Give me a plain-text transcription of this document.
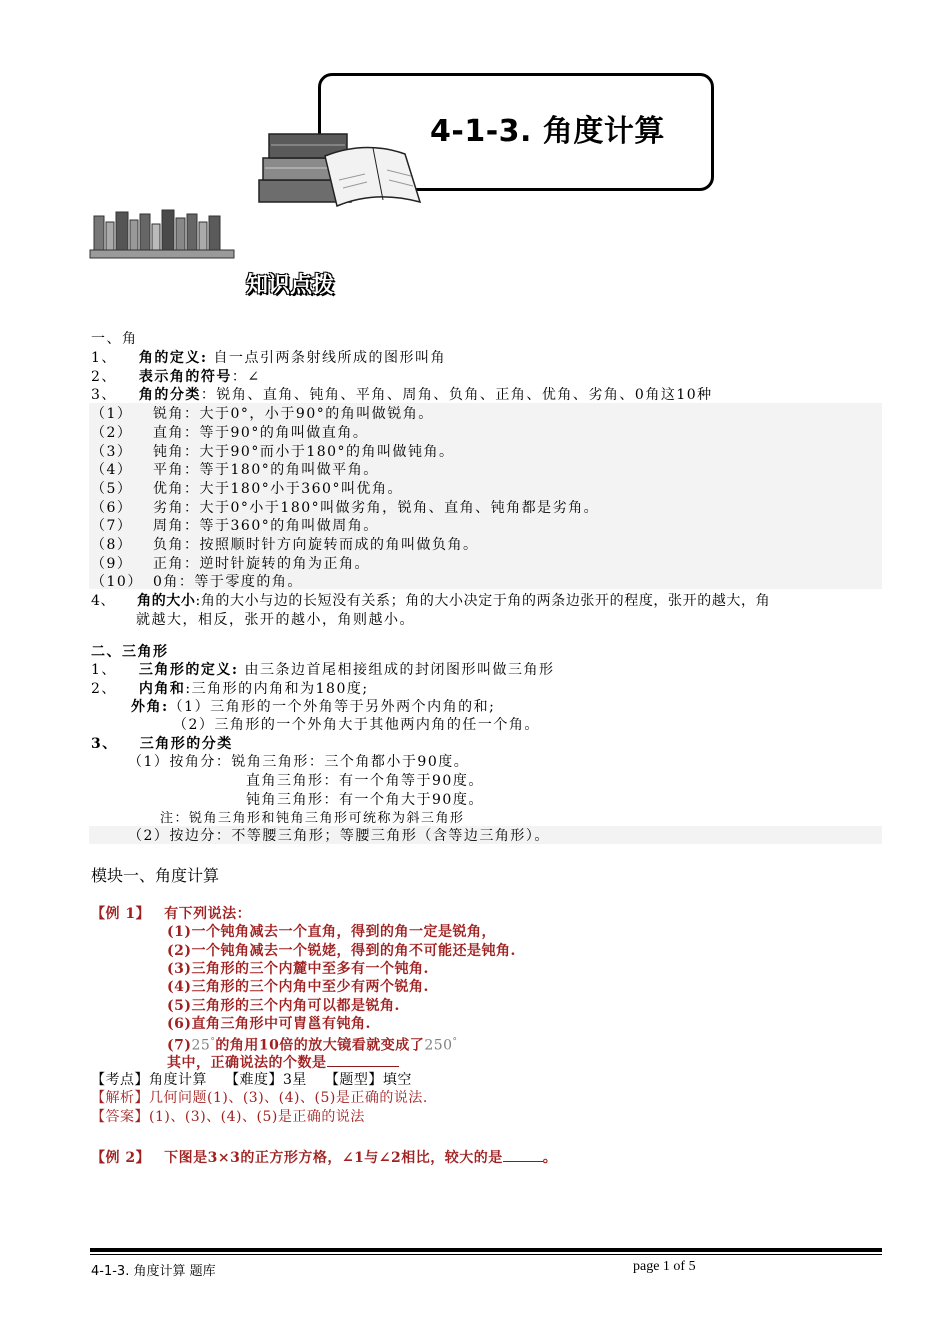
4-1-3. 角度计算
知识点拨
一、角
1、 角的定义: 自一点引两条射线所成的图形叫角
2、 表示角的符号：∠
3、 角的分类：锐角、直角、钝角、平角、周角、负角、正角、优角、劣角、0角这10种
（1） 锐角：大于0°，小于90°的角叫做锐角。
（2） 直角：等于90°的角叫做直角。
（3） 钝角：大于90°而小于180°的角叫做钝角。
（4） 平角：等于180°的角叫做平角。
（5） 优角：大于180°小于360°叫优角。
（6） 劣角：大于0°小于180°叫做劣角，锐角、直角、钝角都是劣角。
（7） 周角：等于360°的角叫做周角。
（8） 负角：按照顺时针方向旋转而成的角叫做负角。
（9） 正角：逆时针旋转的角为正角。
（10） 0角：等于零度的角。
4、 角的大小:角的大小与边的长短没有关系；角的大小决定于角的两条边张开的程度，张开的越大，角
就越大，相反，张开的越小，角则越小。
二、三角形
1、 三角形的定义: 由三条边首尾相接组成的封闭图形叫做三角形
2、 内角和:三角形的内角和为180度;
外角:（1）三角形的一个外角等于另外两个内角的和;
（2）三角形的一个外角大于其他两内角的任一个角。
3、 三角形的分类
（1）按角分：锐角三角形：三个角都小于90度。
直角三角形：有一个角等于90度。
钝角三角形：有一个角大于90度。
注：锐角三角形和钝角三角形可统称为斜三角形
（2）按边分：不等腰三角形；等腰三角形（含等边三角形）。
模块一、角度计算
【例 1】 有下列说法：
(1)一个钝角减去一个直角，得到的角一定是锐角，
(2)一个钝角减去一个锐姥，得到的角不可能还是钝角.
(3)三角形的三个内麓中至多有一个钝角.
(4)三角形的三个内角中至少有两个锐角.
(5)三角形的三个内角可以都是锐角.
(6)直角三角形中可胄邕有钝角.
(7)25°的角用10倍的放大镜看就变成了250°
其中，正确说法的个数是
【考点】角度计算 【难度】3星 【题型】填空
【解析】几何问题(1)、(3)、(4)、(5)是正确的说法.
【答案】(1)、(3)、(4)、(5)是正确的说法
【例 2】 下图是3×3的正方形方格，∠1与∠2相比，较大的是	。
4-1-3. 角度计算 题库	page 1 of 5
